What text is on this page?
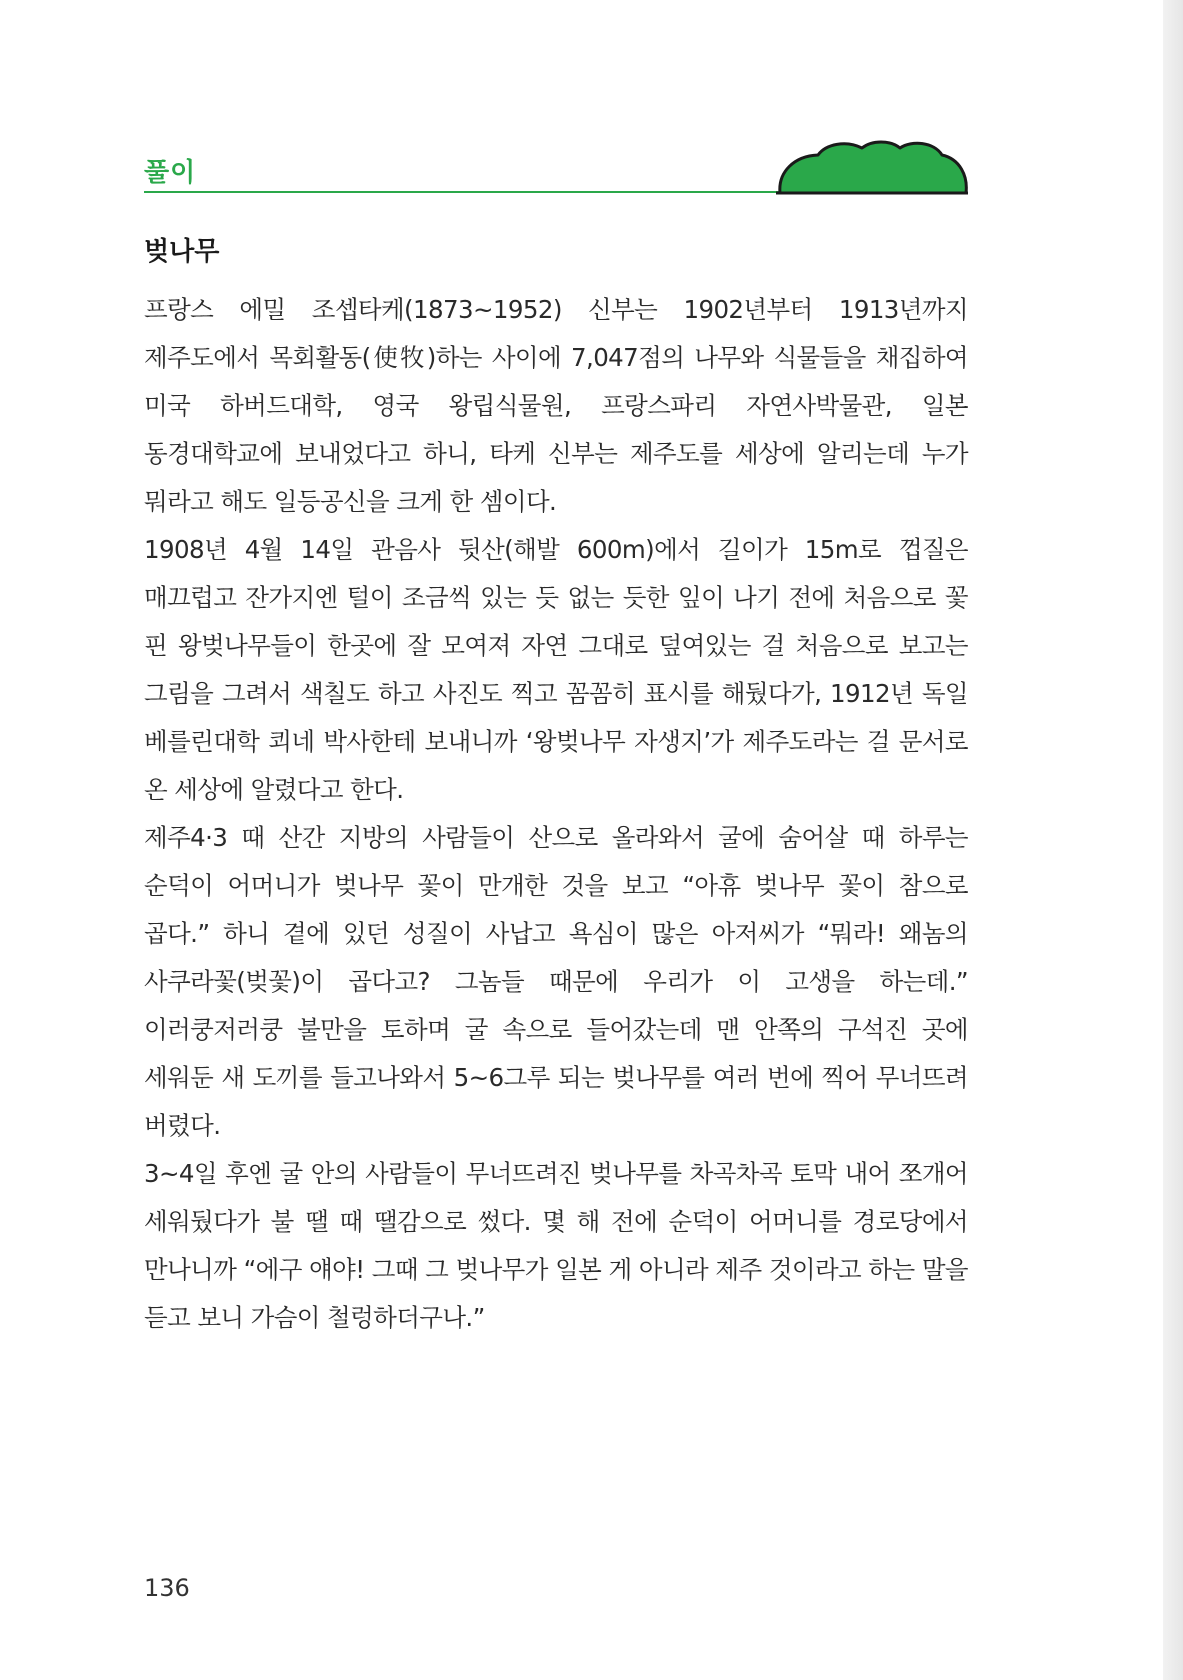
풀이
벚나무

프랑스 에밀 조셉타케(1873~1952) 신부는 1902년부터 1913년까지 제주도에서 목회활동(使牧)하는 사이에 7,047점의 나무와 식물들을 채집하여 미국 하버드대학, 영국 왕립식물원, 프랑스파리 자연사박물관, 일본 동경대학교에 보내었다고 하니, 타케 신부는 제주도를 세상에 알리는데 누가 뭐라고 해도 일등공신을 크게 한 셈이다.

1908년 4월 14일 관음사 뒷산(해발 600m)에서 길이가 15m로 껍질은 매끄럽고 잔가지엔 털이 조금씩 있는 듯 없는 듯한 잎이 나기 전에 처음으로 꽃 핀 왕벚나무들이 한곳에 잘 모여져 자연 그대로 덮여있는 걸 처음으로 보고는 그림을 그려서 색칠도 하고 사진도 찍고 꼼꼼히 표시를 해뒀다가, 1912년 독일 베를린대학 쾨네 박사한테 보내니까 ‘왕벚나무 자생지’가 제주도라는 걸 문서로 온 세상에 알렸다고 한다.

제주4·3 때 산간 지방의 사람들이 산으로 올라와서 굴에 숨어살 때 하루는 순덕이 어머니가 벚나무 꽃이 만개한 것을 보고 “아휴 벚나무 꽃이 참으로 곱다.” 하니 곁에 있던 성질이 사납고 욕심이 많은 아저씨가 “뭐라! 왜놈의 사쿠라꽃(벚꽃)이 곱다고? 그놈들 때문에 우리가 이 고생을 하는데.” 이러쿵저러쿵 불만을 토하며 굴 속으로 들어갔는데 맨 안쪽의 구석진 곳에 세워둔 새 도끼를 들고나와서 5~6그루 되는 벚나무를 여러 번에 찍어 무너뜨려 버렸다.

3~4일 후엔 굴 안의 사람들이 무너뜨려진 벚나무를 차곡차곡 토막 내어 쪼개어 세워뒀다가 불 땔 때 땔감으로 썼다. 몇 해 전에 순덕이 어머니를 경로당에서 만나니까 “에구 얘야! 그때 그 벚나무가 일본 게 아니라 제주 것이라고 하는 말을 듣고 보니 가슴이 철렁하더구나.”

136
